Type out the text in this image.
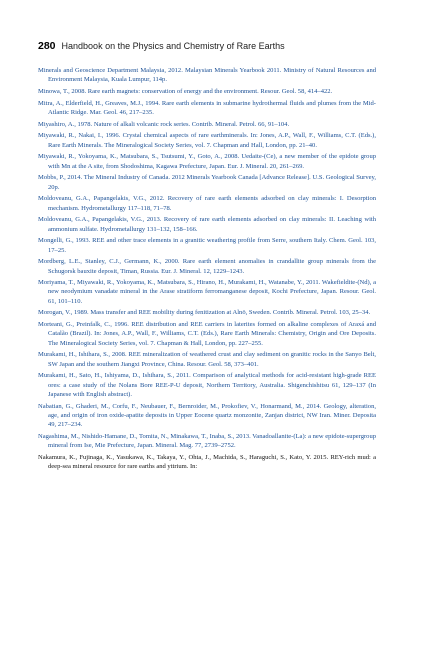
280 Handbook on the Physics and Chemistry of Rare Earths
Minerals and Geoscience Department Malaysia, 2012. Malaysian Minerals Yearbook 2011. Ministry of Natural Resources and Environment Malaysia, Kuala Lumpur, 114p.
Minowa, T., 2008. Rare earth magnets: conservation of energy and the environment. Resour. Geol. 58, 414–422.
Mitra, A., Elderfield, H., Greaves, M.J., 1994. Rare earth elements in submarine hydrothermal fluids and plumes from the Mid-Atlantic Ridge. Mar. Geol. 46, 217–235.
Miyashiro, A., 1978. Nature of alkali volcanic rock series. Contrib. Mineral. Petrol. 66, 91–104.
Miyawaki, R., Nakai, I., 1996. Crystal chemical aspects of rare earthminerals. In: Jones, A.P., Wall, F., Williams, C.T. (Eds.), Rare Earth Minerals. The Mineralogical Society Series, vol. 7. Chapman and Hall, London, pp. 21–40.
Miyawaki, R., Yokoyama, K., Matsubara, S., Tsutsumi, Y., Goto, A., 2008. Uedaite-(Ce), a new member of the epidote group with Mn at the A site, from Shodoshima, Kagawa Prefecture, Japan. Eur. J. Mineral. 20, 261–269.
Mobbs, P., 2014. The Mineral Industry of Canada. 2012 Minerals Yearbook Canada [Advance Release]. U.S. Geological Survey, 20p.
Moldoveanu, G.A., Papangelakis, V.G., 2012. Recovery of rare earth elements adsorbed on clay minerals: I. Desorption mechanism. Hydrometallurgy 117–118, 71–78.
Moldoveanu, G.A., Papangelakis, V.G., 2013. Recovery of rare earth elements adsorbed on clay minerals: II. Leaching with ammonium sulfate. Hydrometallurgy 131–132, 158–166.
Mongelli, G., 1993. REE and other trace elements in a granitic weathering profile from Serre, southern Italy. Chem. Geol. 103, 17–25.
Mordberg, L.E., Stanley, C.J., Germann, K., 2000. Rare earth element anomalies in crandallite group minerals from the Schugorsk bauxite deposit, Timan, Russia. Eur. J. Mineral. 12, 1229–1243.
Moriyama, T., Miyawaki, R., Yokoyama, K., Matsubara, S., Hirano, H., Murakami, H., Watanabe, Y., 2011. Wakefieldite-(Nd), a new neodymium vanadate mineral in the Arase stratiform ferromanganese deposit, Kochi Prefecture, Japan. Resour. Geol. 61, 101–110.
Morogan, V., 1989. Mass transfer and REE mobility during fenitization at Alnö, Sweden. Contrib. Mineral. Petrol. 103, 25–34.
Morteani, G., Preinfalk, C., 1996. REE distribution and REE carriers in laterites formed on alkaline complexes of Araxá and Catalão (Brazil). In: Jones, A.P., Wall, F., Williams, C.T. (Eds.), Rare Earth Minerals: Chemistry, Origin and Ore Deposits. The Mineralogical Society Series, vol. 7. Chapman & Hall, London, pp. 227–255.
Murakami, H., Ishihara, S., 2008. REE mineralization of weathered crust and clay sediment on granitic rocks in the Sanyo Belt, SW Japan and the southern Jiangxi Province, China. Resour. Geol. 58, 373–401.
Murakami, H., Sato, H., Ishiyama, D., Ishihara, S., 2011. Comparison of analytical methods for acid-resistant high-grade REE ores: a case study of the Nolans Bore REE-P-U deposit, Northern Territory, Australia. Shigenchishitsu 61, 129–137 (In Japanese with English abstract).
Nabatian, G., Ghaderi, M., Corfu, F., Neubauer, F., Bernroider, M., Prokofiev, V., Honarmand, M., 2014. Geology, alteration, age, and origin of iron oxide-apatite deposits in Upper Eocene quartz monzonite, Zanjan district, NW Iran. Miner. Deposita 49, 217–234.
Nagashima, M., Nishido-Hamane, D., Tomita, N., Minakawa, T., Inaba, S., 2013. Vanadoallanite-(La): a new epidote-supergroup mineral from Ise, Mie Prefecture, Japan. Mineral. Mag. 77, 2739–2752.
Nakamura, K., Fujinaga, K., Yasukawa, K., Takaya, Y., Ohta, J., Machida, S., Haraguchi, S., Kato, Y. 2015. REY-rich mud: a deep-sea mineral resource for rare earths and yttrium. In:
